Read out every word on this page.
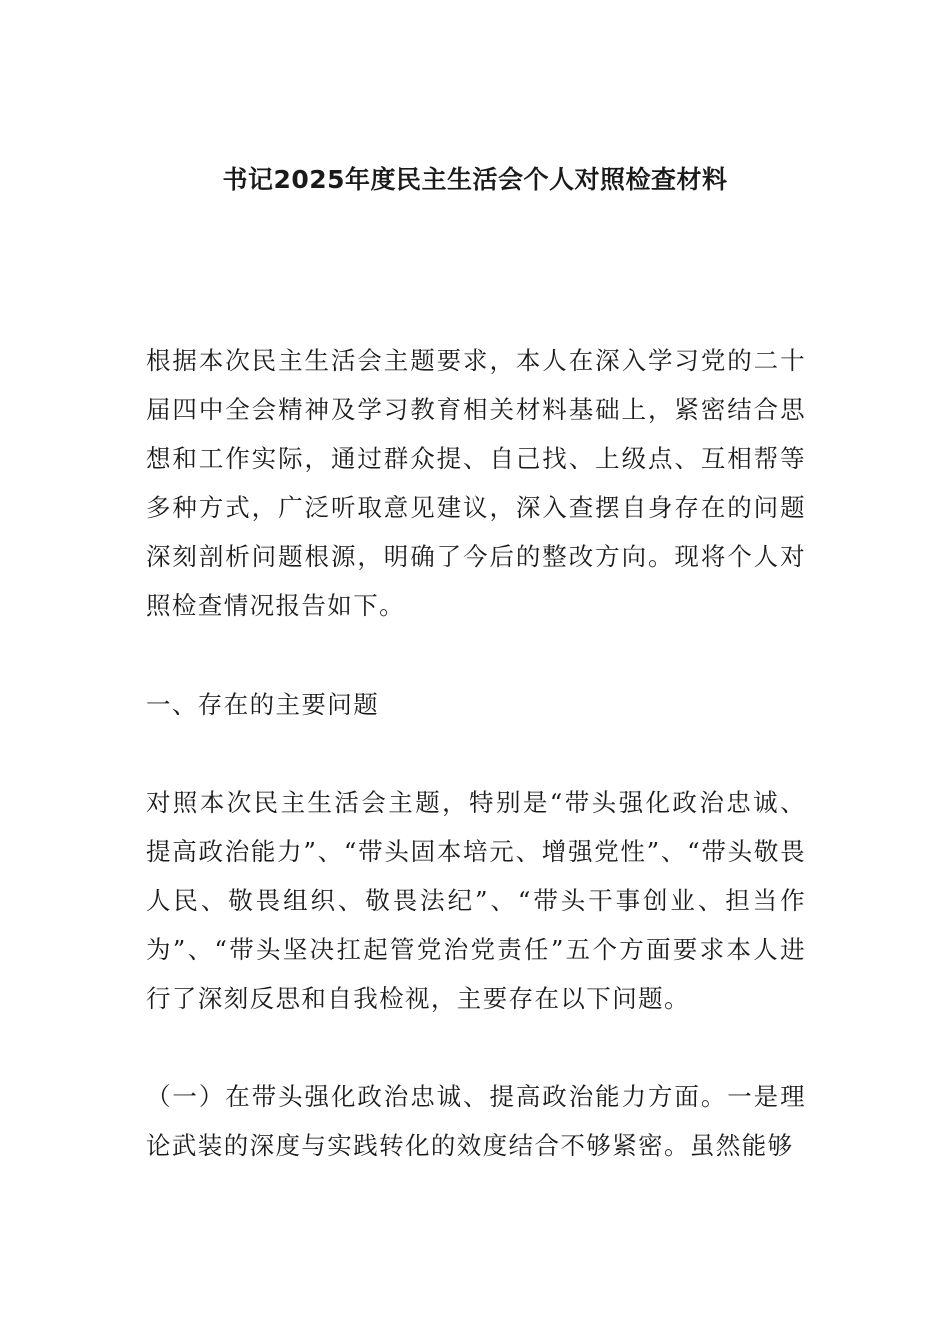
书记2025年度民主生活会个人对照检查材料

根据本次民主生活会主题要求，本人在深入学习党的二十届四中全会精神及学习教育相关材料基础上，紧密结合思想和工作实际，通过群众提、自己找、上级点、互相帮等多种方式，广泛听取意见建议，深入查摆自身存在的问题深刻剖析问题根源，明确了今后的整改方向。现将个人对照检查情况报告如下。

一、存在的主要问题

对照本次民主生活会主题，特别是“带头强化政治忠诚、提高政治能力”、“带头固本培元、增强党性”、“带头敬畏人民、敬畏组织、敬畏法纪”、“带头干事创业、担当作为”、“带头坚决扛起管党治党责任”五个方面要求本人进行了深刻反思和自我检视，主要存在以下问题。

（一）在带头强化政治忠诚、提高政治能力方面。一是理论武装的深度与实践转化的效度结合不够紧密。虽然能够
